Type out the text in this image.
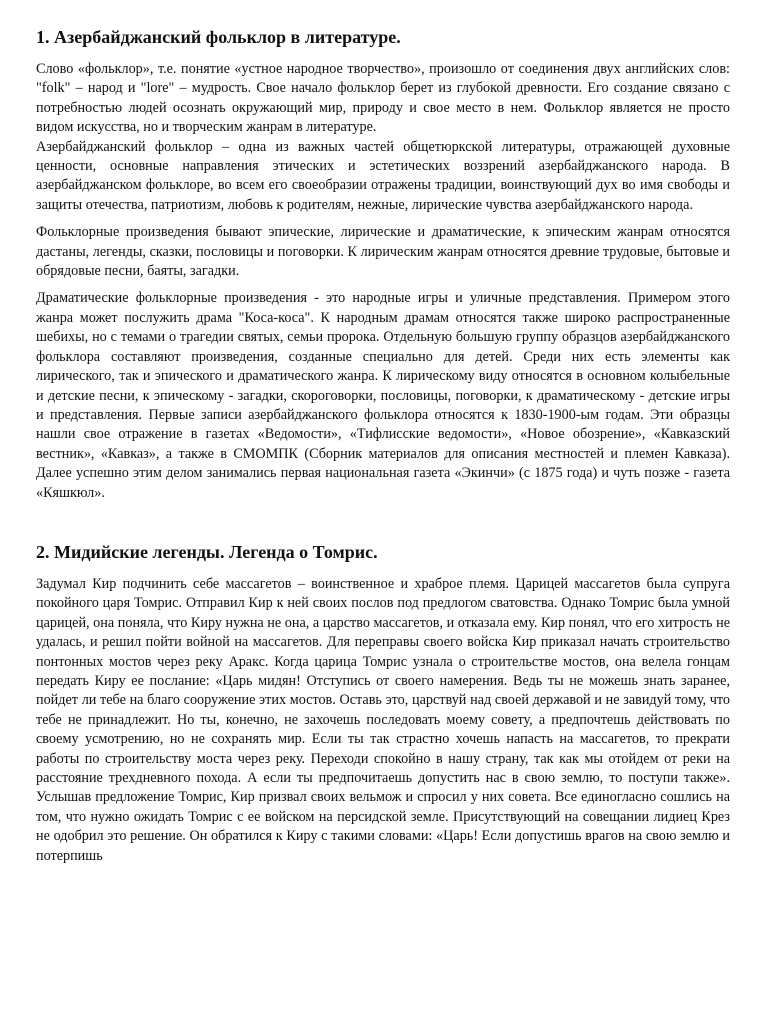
1. Азербайджанский фольклор в литературе.

Слово «фольклор», т.е. понятие «устное народное творчество», произошло от соединения двух английских слов: "folk" – народ и "lore" – мудрость. Свое начало фольклор берет из глубокой древности. Его создание связано с потребностью людей осознать окружающий мир, природу и свое место в нем. Фольклор является не просто видом искусства, но и творческим жанрам в литературе.

Азербайджанский фольклор – одна из важных частей общетюркской литературы, отражающей духовные ценности, основные направления этических и эстетических воззрений азербайджанского народа. В азербайджанском фольклоре, во всем его своеобразии отражены традиции, воинствующий дух во имя свободы и защиты отечества, патриотизм, любовь к родителям, нежные, лирические чувства азербайджанского народа.

Фольклорные произведения бывают эпические, лирические и драматические, к эпическим жанрам относятся дастаны, легенды, сказки, пословицы и поговорки. К лирическим жанрам относятся древние трудовые, бытовые и обрядовые песни, баяты, загадки.

Драматические фольклорные произведения - это народные игры и уличные представления. Примером этого жанра может послужить драма "Коса-коса". К народным драмам относятся также широко распространенные шебихы, но с темами о трагедии святых, семьи пророка. Отдельную большую группу образцов азербайджанского фольклора составляют произведения, созданные специально для детей. Среди них есть элементы как лирического, так и эпического и драматического жанра. К лирическому виду относятся в основном колыбельные и детские песни, к эпическому - загадки, скороговорки, пословицы, поговорки, к драматическому - детские игры и представления. Первые записи азербайджанского фольклора относятся к 1830-1900-ым годам. Эти образцы нашли свое отражение в газетах «Ведомости», «Тифлисские ведомости», «Новое обозрение», «Кавказский вестник», «Кавказ», а также в СМОМПК (Сборник материалов для описания местностей и племен Кавказа). Далее успешно этим делом занимались первая национальная газета «Экинчи» (с 1875 года) и чуть позже - газета «Кяшкюл».

2. Мидийские легенды. Легенда о Томрис.

Задумал Кир подчинить себе массагетов – воинственное и храброе племя. Царицей массагетов была супруга покойного царя Томрис. Отправил Кир к ней своих послов под предлогом сватовства. Однако Томрис была умной царицей, она поняла, что Киру нужна не она, а царство массагетов, и отказала ему. Кир понял, что его хитрость не удалась, и решил пойти войной на массагетов. Для переправы своего войска Кир приказал начать строительство понтонных мостов через реку Аракс. Когда царица Томрис узнала о строительстве мостов, она велела гонцам передать Киру ее послание: «Царь мидян! Отступись от своего намерения. Ведь ты не можешь знать заранее, пойдет ли тебе на благо сооружение этих мостов. Оставь это, царствуй над своей державой и не завидуй тому, что тебе не принадлежит. Но ты, конечно, не захочешь последовать моему совету, а предпочтешь действовать по своему усмотрению, но не сохранять мир. Если ты так страстно хочешь напасть на массагетов, то прекрати работы по строительству моста через реку. Переходи спокойно в нашу страну, так как мы отойдем от реки на расстояние трехдневного похода. А если ты предпочитаешь допустить нас в свою землю, то поступи также». Услышав предложение Томрис, Кир призвал своих вельмож и спросил у них совета. Все единогласно сошлись на том, что нужно ожидать Томрис с ее войском на персидской земле. Присутствующий на совещании лидиец Крез не одобрил это решение. Он обратился к Киру с такими словами: «Царь! Если допустишь врагов на свою землю и потерпишь
